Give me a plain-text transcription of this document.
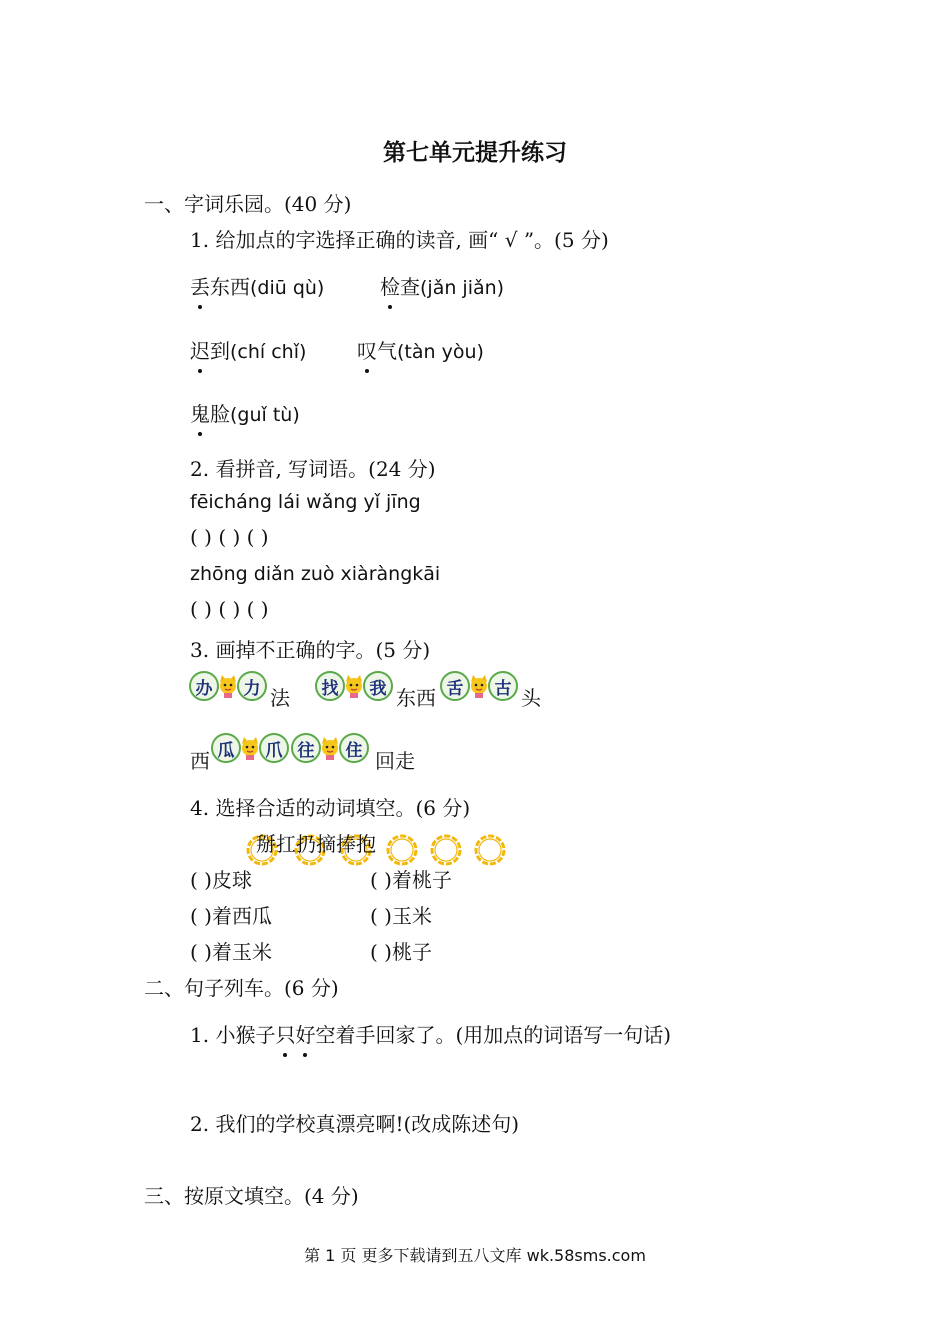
第七单元提升练习
一、字词乐园。(40 分)
1. 给加点的字选择正确的读音, 画“ √ ”。(5 分)
丢东西(diū qù)	检查(jǎn jiǎn)
迟到(chí chǐ)	叹气(tàn yòu)
鬼脸(guǐ tù)
2. 看拼音, 写词语。(24 分)
fēicháng lái wǎng yǐ jīng
( ) ( ) ( )
zhōng diǎn zuò xiàràngkāi
( ) ( ) ( )
3. 画掉不正确的字。(5 分)
办	力 法	找	我 东西 舌	古 头
西 瓜	爪 往	住 回走
4. 选择合适的动词填空。(6 分)
掰扛扔摘捧抱
( )皮球	( )着桃子
( )着西瓜	( )玉米
( )着玉米	( )桃子
二、句子列车。(6 分)
1. 小猴子只好空着手回家了。(用加点的词语写一句话)
2. 我们的学校真漂亮啊!(改成陈述句)
三、按原文填空。(4 分)
第 1 页 更多下载请到五八文库 wk.58sms.com
